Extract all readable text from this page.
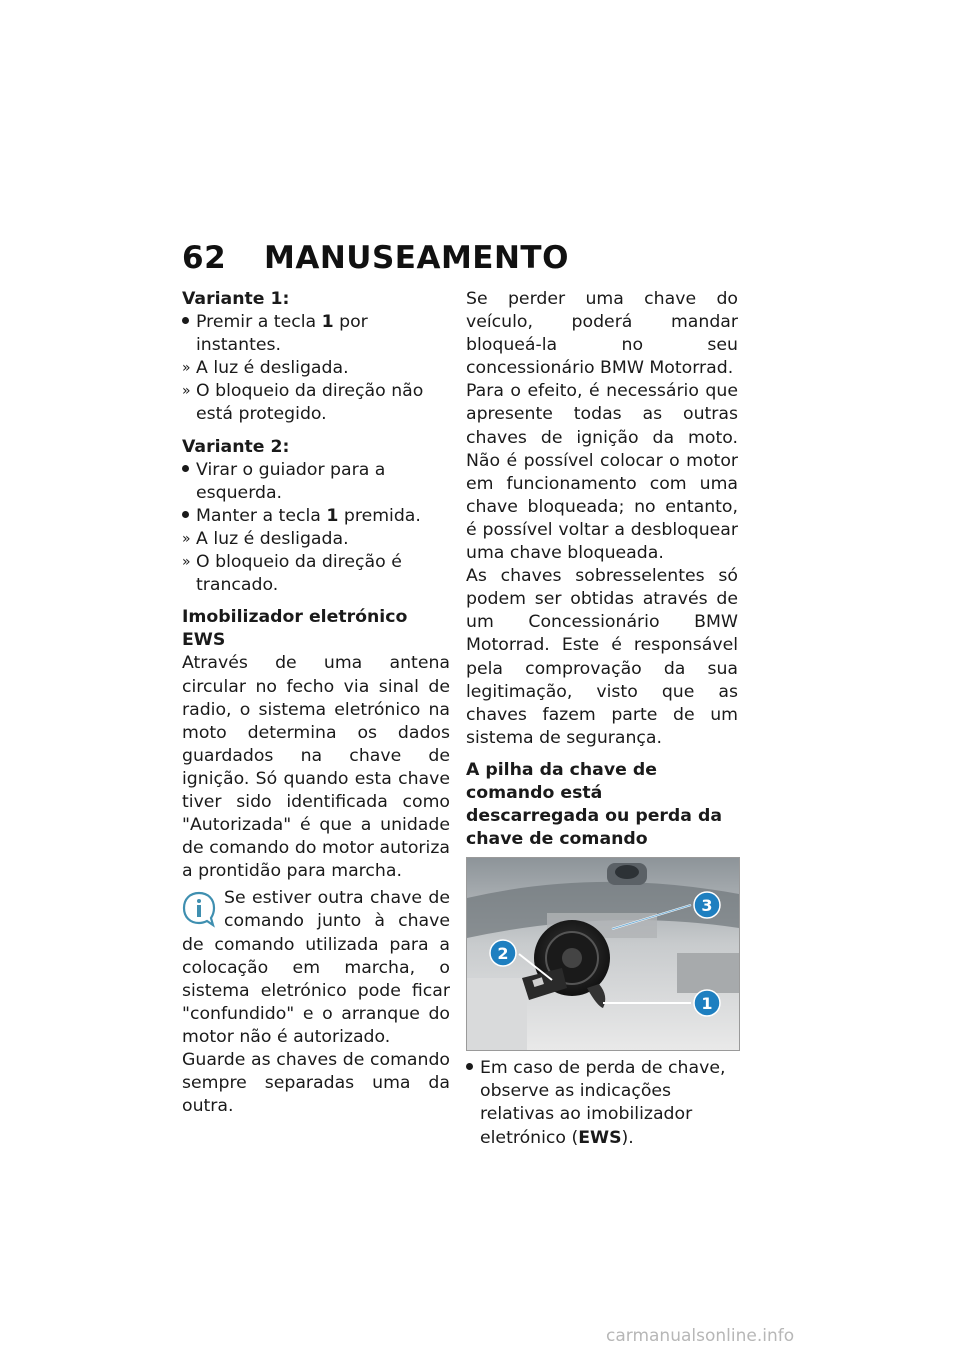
62 MANUSEAMENTO

Variante 1:

Premir a tecla 1 por instantes.
» A luz é desligada.
» O bloqueio da direção não está protegido.

Variante 2:

Virar o guiador para a esquerda.
Manter a tecla 1 premida.
» A luz é desligada.
» O bloqueio da direção é trancado.

Imobilizador eletrónico EWS

Através de uma antena circular no fecho via sinal de radio, o sistema eletrónico na moto determina os dados guardados na chave de ignição. Só quando esta chave tiver sido identificada como "Autorizada" é que a unidade de comando do motor autoriza a prontidão para marcha.

Se estiver outra chave de comando junto à chave de comando utilizada para a colocação em marcha, o sistema eletrónico pode ficar "confundido" e o arranque do motor não é autorizado.

Guarde as chaves de comando sempre separadas uma da outra.

Se perder uma chave do veículo, poderá mandar bloqueá-la no seu concessionário BMW Motorrad.

Para o efeito, é necessário que apresente todas as outras chaves de ignição da moto. Não é possível colocar o motor em funcionamento com uma chave bloqueada; no entanto, é possível voltar a desbloquear uma chave bloqueada.

As chaves sobresselentes só podem ser obtidas através de um Concessionário BMW Motorrad. Este é responsável pela comprovação da sua legitimação, visto que as chaves fazem parte de um sistema de segurança.

A pilha da chave de comando está descarregada ou perda da chave de comando

3
2
1
Em caso de perda de chave, observe as indicações relativas ao imobilizador eletrónico (EWS).
carmanualsonline.info
